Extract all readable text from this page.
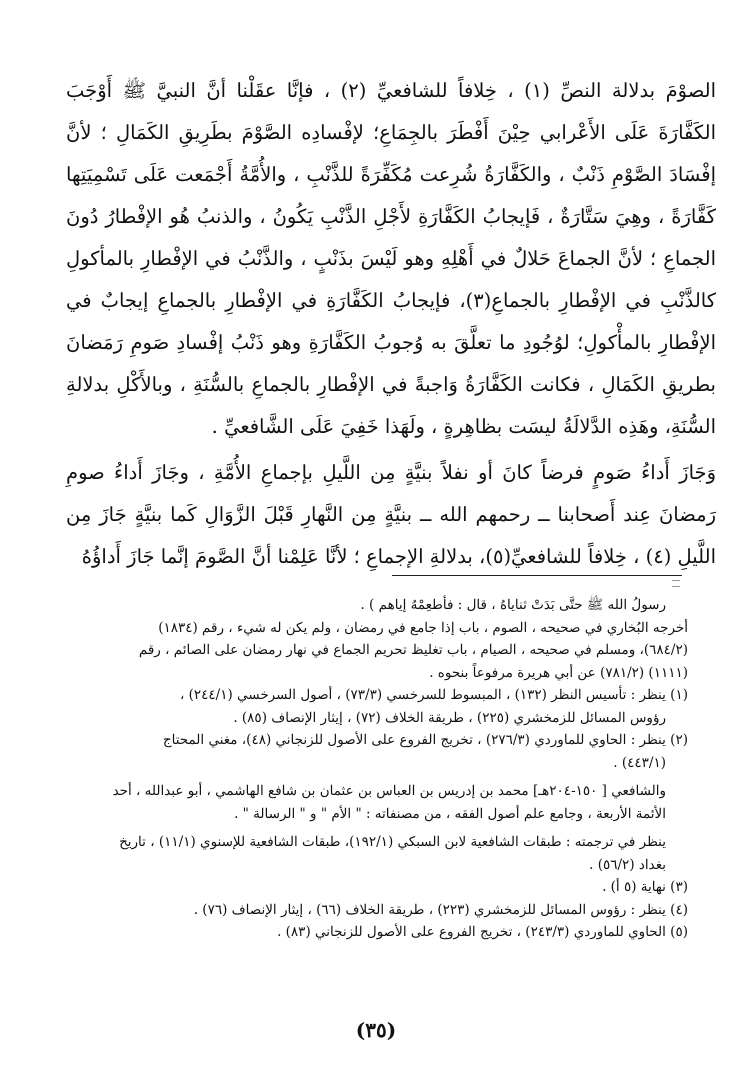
الصوْمَ بدلالة النصِّ (١) ، خِلافاً للشافعيِّ (٢) ، فإنَّا عقَلْنا أنَّ النبيَّ ﷺ أَوْجَبَ الكَفَّارَةَ عَلَى الأَعْرابي حِيْنَ أَفْطَرَ بالجِمَاعِ؛ لإفْسادِه الصَّوْمَ بطَرِيقِ الكَمَالِ ؛ لأنَّ إفْسَادَ الصَّوْمِ ذَنْبٌ ، والكَفَّارَةُ شُرِعت مُكَفِّرَةً للذَّنْبِ ، والأُمَّةُ أَجْمَعت عَلَى تَسْمِيَتِها كَفَّارَةً ، وهِيَ سَتَّارَةٌ ، فَإيجابُ الكَفَّارَةِ لأَجْلِ الذَّنْبِ يَكُونُ ، والذنبُ هُو الإفْطارُ دُونَ الجماعِ ؛ لأنَّ الجماعَ حَلالٌ في أَهْلِهِ وهو لَيْسَ بذَنْبٍ ، والذَّنْبُ في الإفْطارِ بالمأكولِ كالذَّنْبِ في الإفْطارِ بالجماعِ(٣)، فإيجابُ الكَفَّارَةِ في الإفْطارِ بالجماعِ إيجابٌ في الإفْطارِ بالمأْكولِ؛ لوُجُودِ ما تعلَّقَ به وُجوبُ الكَفَّارَةِ وهو ذَنْبُ إفْسادِ صَومِ رَمَضانَ بطريقِ الكَمَالِ ، فكانت الكَفَّارَةُ وَاجبةً في الإفْطارِ بالجماعِ بالسُّنَةِ ، وبالأَكْلِ بدلالةِ السُّنَةِ، وهَذِه الدَّلالَةُ ليسَت بظاهِرةٍ ، ولَهَذا خَفِيَ عَلَى الشَّافعيِّ .

وَجَازَ أَداءُ صَومٍ فرضاً كانَ أو نفلاً بنيَّةٍ مِن اللَّيلِ بإجماعِ الأُمَّةِ ، وجَازَ أَداءُ صومِ رَمضانَ عِند أَصحابنا ــ رحمهم الله ــ بنيَّةٍ مِن النَّهارِ قَبْلَ الزَّوَالِ كَما بنيَّةٍ جَازَ مِن اللَّيلِ (٤) ، خِلافاً للشافعيِّ(٥)، بدلالةِ الإجماعِ ؛ لأنَّا عَلِمْنا أنَّ الصَّومَ إنَّما جَازَ أَداؤُهُ

رسولُ الله ﷺ حتَّى بَدَتْ ثناياهُ ، قال : فأطعِمْهُ إياهم ) .
أخرجه البُخاري في صحيحه ، الصوم ، باب إذا جامع في رمضان ، ولم يكن له شيء ، رقم (١٨٣٤)
(٦٨٤/٢)، ومسلم في صحيحه ، الصيام ، باب تغليظ تحريم الجماع في نهار رمضان على الصائم ، رقم
(١١١١) (٧٨١/٢) عن أبي هريرة مرفوعاً بنحوه .
(١) ينظر : تأسيس النظر (١٣٢) ، المبسوط للسرخسي (٧٣/٣) ، أصول السرخسي (٢٤٤/١) ،
رؤوس المسائل للزمخشري (٢٢٥) ، طريقة الخلاف (٧٢) ، إيثار الإنصاف (٨٥) .
(٢) ينظر : الحاوي للماوردي (٢٧٦/٣) ، تخريج الفروع على الأصول للزنجاني (٤٨)، مغني المحتاج
(٤٤٣/١) .
والشافعي [ ١٥٠-٢٠٤هـ] محمد بن إدريس بن العباس بن عثمان بن شافع الهاشمي ، أبو عبدالله ، أحد
الأئمة الأربعة ، وجامع علم أصول الفقه ، من مصنفاته : " الأم " و " الرسالة " .
ينظر في ترجمته : طبقات الشافعية لابن السبكي (١٩٢/١)، طبقات الشافعية للإسنوي (١١/١) ، تاريخ
بغداد (٥٦/٢) .
(٣) نهاية (٥ أ) .
(٤) ينظر : رؤوس المسائل للزمخشري (٢٢٣) ، طريقة الخلاف (٦٦) ، إيثار الإنصاف (٧٦) .
(٥) الحاوي للماوردي (٢٤٣/٣) ، تخريج الفروع على الأصول للزنجاني (٨٣) .
(٣٥)
